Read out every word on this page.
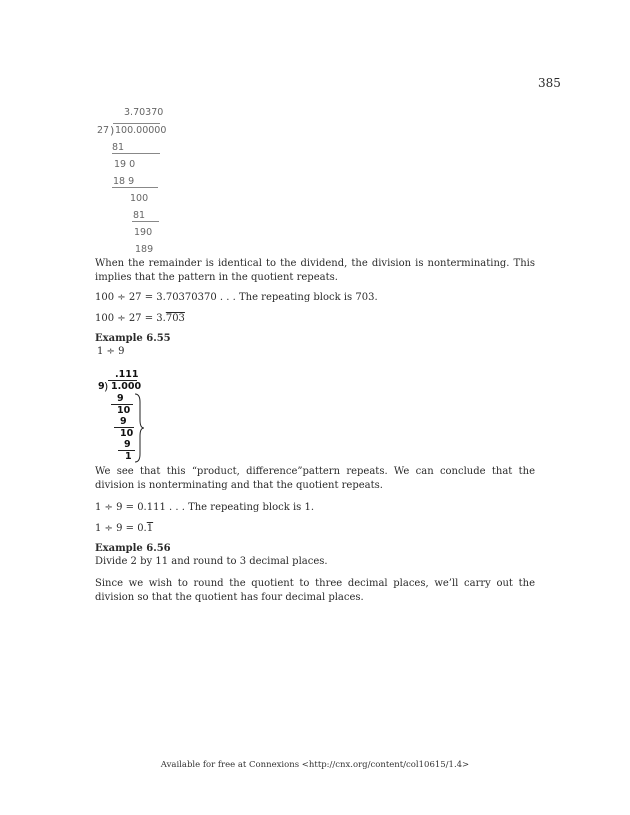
385
3.70370
27 ) 100.00000
81
19 0
18 9
100
81
190
189
When the remainder is identical to the dividend, the division is nonterminating. This implies that the pattern in the quotient repeats.
100 ÷ 27 = 3.70370370 . . . The repeating block is 703.
100 ÷ 27 = 3.703
Example 6.55
1 ÷ 9
.111
9 ) 1.000
9
10
9
10
9
1
We see that this “product, difference”pattern repeats. We can conclude that the division is nonterminating and that the quotient repeats.
1 ÷ 9 = 0.111 . . . The repeating block is 1.
1 ÷ 9 = 0.1
Example 6.56
Divide 2 by 11 and round to 3 decimal places.
Since we wish to round the quotient to three decimal places, we’ll carry out the division so that the quotient has four decimal places.
Available for free at Connexions <http://cnx.org/content/col10615/1.4>
